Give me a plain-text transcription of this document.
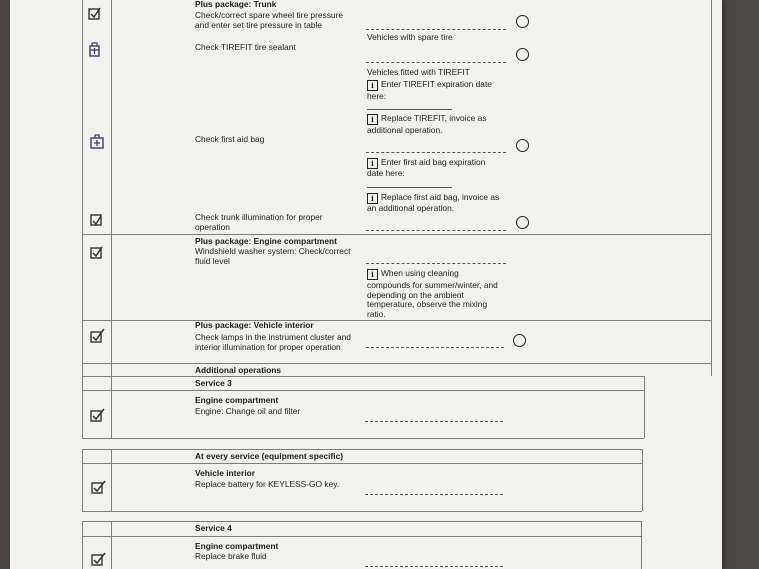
Plus package: Trunk
Check/correct spare wheel tire pressure
and enter set tire pressure in table
Vehicles with spare tire
Check TIREFIT tire sealant
Vehicles fitted with TIREFIT
i Enter TIREFIT expiration date
here:
i Replace TIREFIT, invoice as
additional operation.
Check first aid bag
i Enter first aid bag expiration
date here:
i Replace first aid bag, invoice as
an additional operation.
Check trunk illumination for proper
operation
Plus package: Engine compartment
Windshield washer system: Check/correct
fluid level
i When using cleaning
compounds for summer/winter, and
depending on the ambient
temperature, observe the mixing
ratio.
Plus package: Vehicle interior
Check lamps in the instrument cluster and
interior illumination for proper operation
Additional operations
Service 3
Engine compartment
Engine: Change oil and filter
At every service (equipment specific)
Vehicle interior
Replace battery for KEYLESS-GO key.
Service 4
Engine compartment
Replace brake fluid
